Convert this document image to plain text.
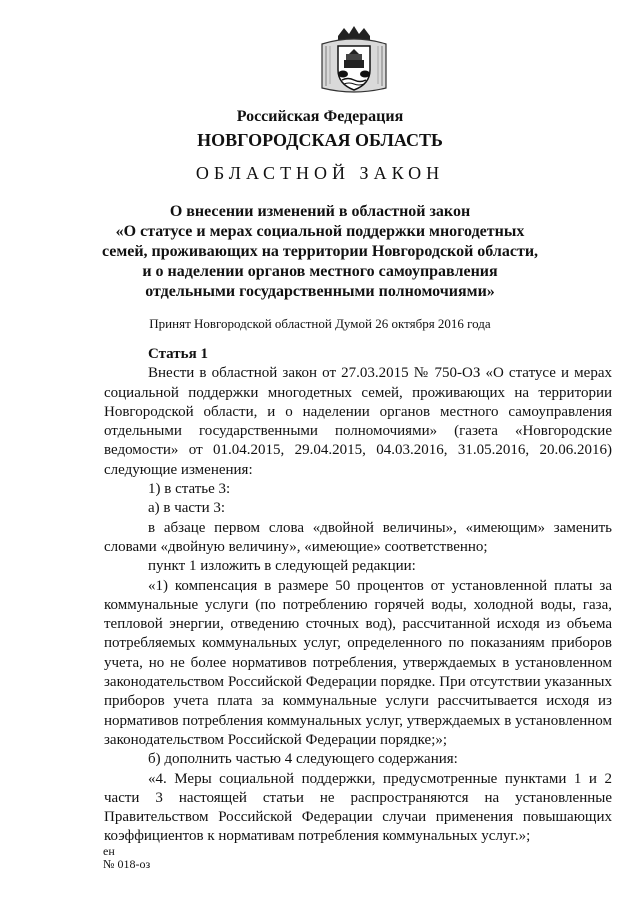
Российская Федерация
НОВГОРОДСКАЯ ОБЛАСТЬ
ОБЛАСТНОЙ ЗАКОН
О внесении изменений в областной закон
«О статусе и мерах социальной поддержки многодетных
семей, проживающих на территории Новгородской области,
и о наделении органов местного самоуправления
отдельными государственными полномочиями»
Принят Новгородской областной Думой 26 октября 2016 года

Статья 1

Внести в областной закон от 27.03.2015 № 750-ОЗ «О статусе и мерах социальной поддержки многодетных семей, проживающих на территории Новгородской области, и о наделении органов местного самоуправления отдельными государственными полномочиями» (газета «Новгородские ведомости» от 01.04.2015, 29.04.2015, 04.03.2016, 31.05.2016, 20.06.2016) следующие изменения:

1) в статье 3:

а) в части 3:

в абзаце первом слова «двойной величины», «имеющим» заменить словами «двойную величину», «имеющие» соответственно;

пункт 1 изложить в следующей редакции:

«1) компенсация в размере 50 процентов от установленной платы за коммунальные услуги (по потреблению горячей воды, холодной воды, газа, тепловой энергии, отведению сточных вод), рассчитанной исходя из объема потребляемых коммунальных услуг, определенного по показаниям приборов учета, но не более нормативов потребления, утверждаемых в установленном законодательством Российской Федерации порядке. При отсутствии указанных приборов учета плата за коммунальные услуги рассчитывается исходя из нормативов потребления коммунальных услуг, утверждаемых в установленном законодательством Российской Федерации порядке;»;

б) дополнить частью 4 следующего содержания:

«4. Меры социальной поддержки, предусмотренные пунктами 1 и 2 части 3 настоящей статьи не распространяются на установленные Правительством Российской Федерации случаи применения повышающих коэффициентов к нормативам потребления коммунальных услуг.»;

ен
№ 018-оз
